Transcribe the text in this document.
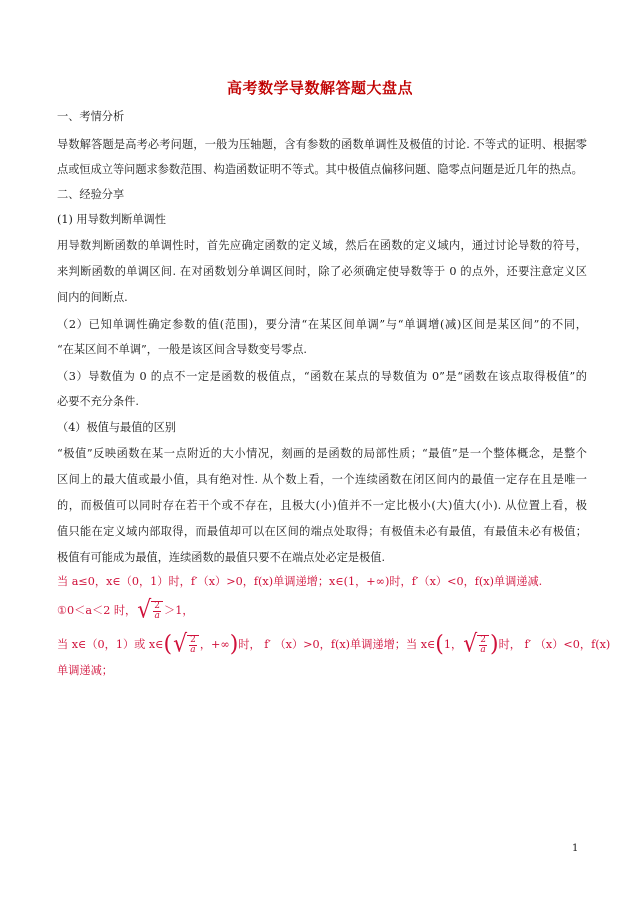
高考数学导数解答题大盘点
一、考情分析
导数解答题是高考必考问题，一般为压轴题，含有参数的函数单调性及极值的讨论. 不等式的证明、根据零
点或恒成立等问题求参数范围、构造函数证明不等式。其中极值点偏移问题、隐零点问题是近几年的热点。
二、经验分享
(1) 用导数判断单调性
用导数判断函数的单调性时，首先应确定函数的定义域，然后在函数的定义域内，通过讨论导数的符号，
来判断函数的单调区间. 在对函数划分单调区间时，除了必须确定使导数等于 0 的点外，还要注意定义区
间内的间断点.
（2）已知单调性确定参数的值(范围)，要分清“在某区间单调”与“单调增(减)区间是某区间”的不同，
“在某区间不单调”，一般是该区间含导数变号零点.
（3）导数值为 0 的点不一定是函数的极值点，“函数在某点的导数值为 0”是“函数在该点取得极值”的
必要不充分条件.
（4）极值与最值的区别
“极值”反映函数在某一点附近的大小情况，刻画的是函数的局部性质；“最值”是一个整体概念，是整个
区间上的最大值或最小值，具有绝对性. 从个数上看，一个连续函数在闭区间内的最值一定存在且是唯一
的，而极值可以同时存在若干个或不存在，且极大(小)值并不一定比极小(大)值大(小). 从位置上看，极
值只能在定义域内部取得，而最值却可以在区间的端点处取得；有极值未必有最值，有最值未必有极值；
极值有可能成为最值，连续函数的最值只要不在端点处必定是极值.
当 a≤0，x∈（0，1）时，f′（x）>0，f(x)单调递增；x∈(1，+∞)时，f′（x）<0，f(x)单调递减.
①0＜a＜2 时， √ $\frac{2}{a} >1$，
当 x∈（0，1）或 x∈ ( √ $\frac{2}{a}$ ，+∞ ) 时， f′ （x）>0，f(x)单调递增；当 x∈ ( 1， √ $\frac{2}{a}$ ) 时， f′ （x）<0，f(x)
单调递减；
1
